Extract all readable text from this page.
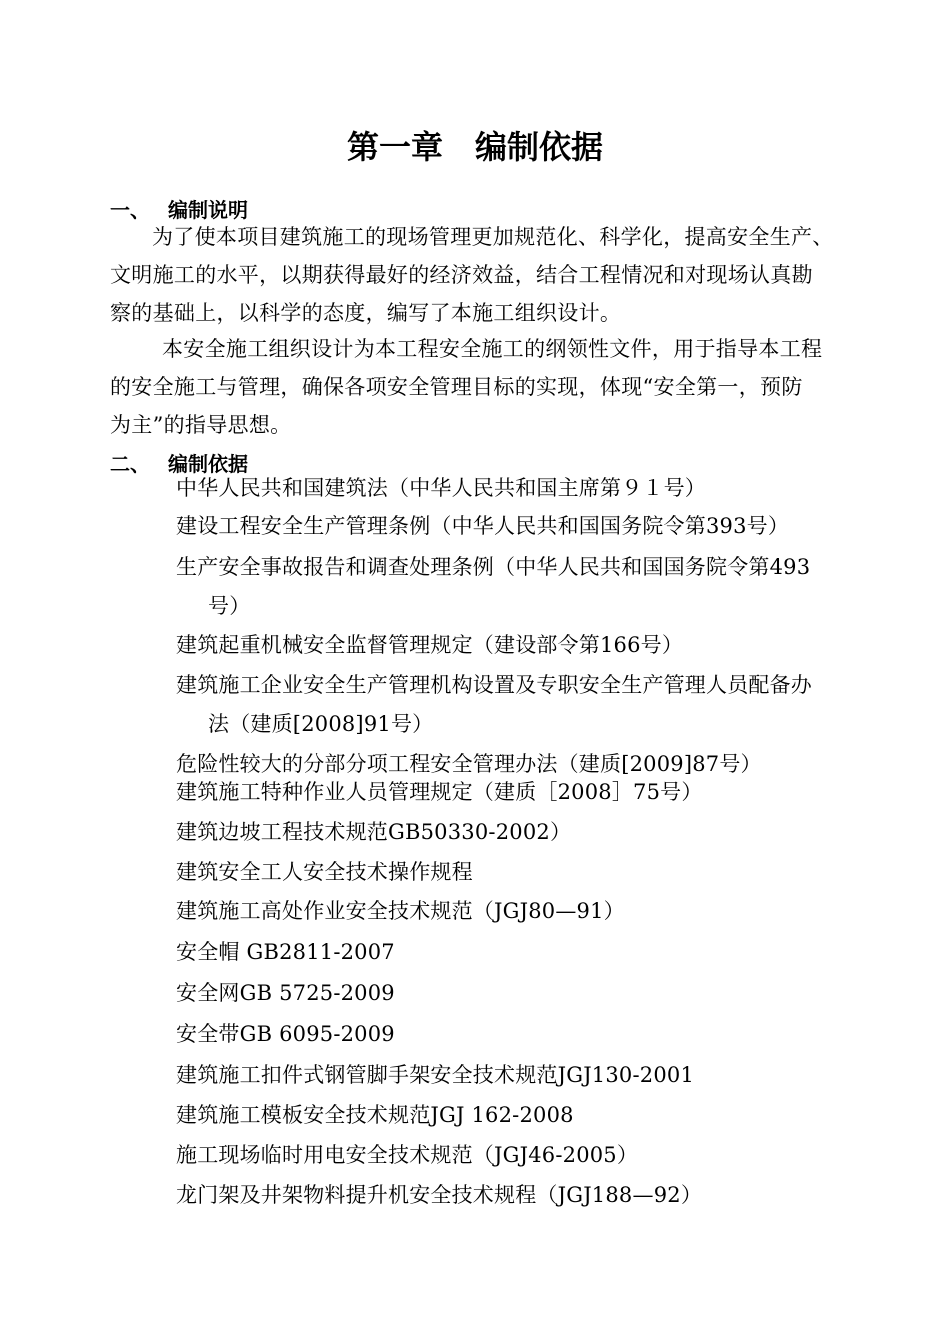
第一章　编制依据
一、 编制说明
为了使本项目建筑施工的现场管理更加规范化、科学化，提高安全生产、
文明施工的水平，以期获得最好的经济效益，结合工程情况和对现场认真勘
察的基础上，以科学的态度，编写了本施工组织设计。
本安全施工组织设计为本工程安全施工的纲领性文件，用于指导本工程
的安全施工与管理，确保各项安全管理目标的实现，体现“安全第一，预防
为主”的指导思想。
二、 编制依据
中华人民共和国建筑法（中华人民共和国主席第９１号）
建设工程安全生产管理条例（中华人民共和国国务院令第393号）
生产安全事故报告和调查处理条例（中华人民共和国国务院令第493
号）
建筑起重机械安全监督管理规定（建设部令第166号）
建筑施工企业安全生产管理机构设置及专职安全生产管理人员配备办
法（建质[2008]91号）
危险性较大的分部分项工程安全管理办法（建质[2009]87号）
建筑施工特种作业人员管理规定（建质［2008］75号）
建筑边坡工程技术规范GB50330-2002）
建筑安全工人安全技术操作规程
建筑施工高处作业安全技术规范（JGJ80—91）
安全帽 GB2811-2007
安全网GB 5725-2009
安全带GB 6095-2009
建筑施工扣件式钢管脚手架安全技术规范JGJ130-2001
建筑施工模板安全技术规范JGJ 162-2008
施工现场临时用电安全技术规范（JGJ46-2005）
龙门架及井架物料提升机安全技术规程（JGJ188—92）
